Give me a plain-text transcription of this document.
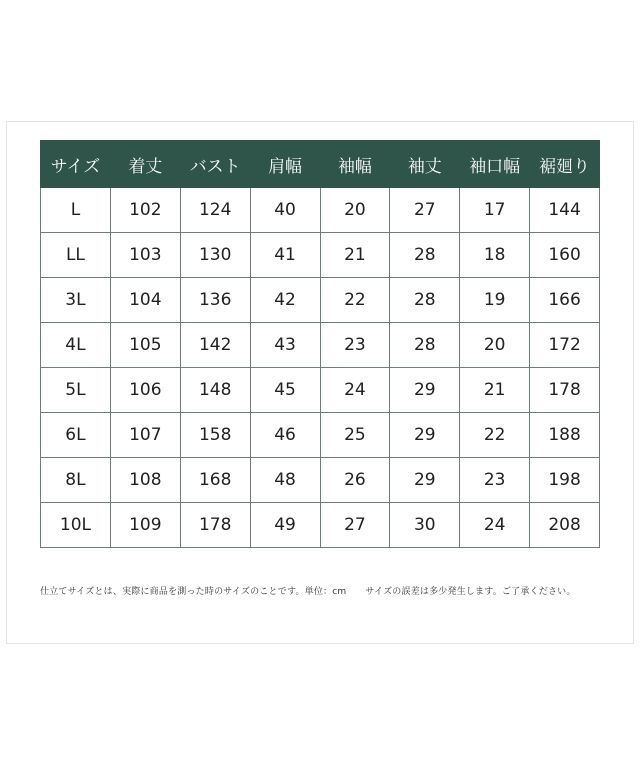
サイズ	着丈	バスト	肩幅	袖幅	袖丈	袖口幅	裾廻り
L	102	124	40	20	27	17	144
LL	103	130	41	21	28	18	160
3L	104	136	42	22	28	19	166
4L	105	142	43	23	28	20	172
5L	106	148	45	24	29	21	178
6L	107	158	46	25	29	22	188
8L	108	168	48	26	29	23	198
10L	109	178	49	27	30	24	208
仕立てサイズとは、実際に商品を測った時のサイズのことです。単位：cm サイズの誤差は多少発生します。ご了承ください。
